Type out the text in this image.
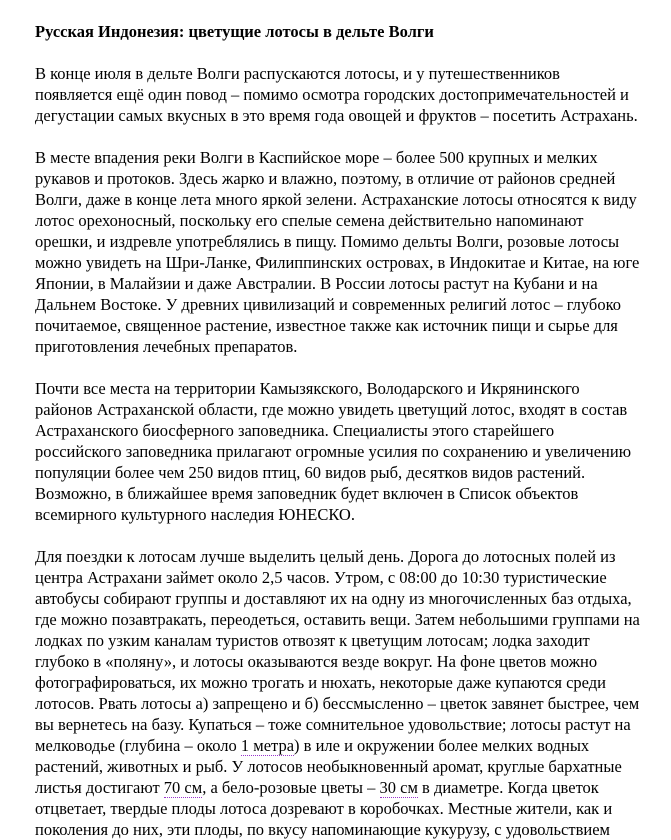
Русская Индонезия: цветущие лотосы в дельте Волги

В конце июля в дельте Волги распускаются лотосы, и у путешественников появляется ещё один повод – помимо осмотра городских достопримечательностей и дегустации самых вкусных в это время года овощей и фруктов – посетить Астрахань.

В месте впадения реки Волги в Каспийское море – более 500 крупных и мелких рукавов и протоков. Здесь жарко и влажно, поэтому, в отличие от районов средней Волги, даже в конце лета много яркой зелени. Астраханские лотосы относятся к виду лотос орехоносный, поскольку его спелые семена действительно напоминают орешки, и издревле употреблялись в пищу. Помимо дельты Волги, розовые лотосы можно увидеть на Шри-Ланке, Филиппинских островах, в Индокитае и Китае, на юге Японии, в Малайзии и даже Австралии. В России лотосы растут на Кубани и на Дальнем Востоке. У древних цивилизаций и современных религий лотос – глубоко почитаемое, священное растение, известное также как источник пищи и сырье для приготовления лечебных препаратов.

Почти все места на территории Камызякского, Володарского и Икрянинского районов Астраханской области, где можно увидеть цветущий лотос, входят в состав Астраханского биосферного заповедника. Специалисты этого старейшего российского заповедника прилагают огромные усилия по сохранению и увеличению популяции более чем 250 видов птиц, 60 видов рыб, десятков видов растений. Возможно, в ближайшее время заповедник будет включен в Список объектов всемирного культурного наследия ЮНЕСКО.

Для поездки к лотосам лучше выделить целый день. Дорога до лотосных полей из центра Астрахани займет около 2,5 часов. Утром, с 08:00 до 10:30 туристические автобусы собирают группы и доставляют их на одну из многочисленных баз отдыха, где можно позавтракать, переодеться, оставить вещи. Затем небольшими группами на лодках по узким каналам туристов отвозят к цветущим лотосам; лодка заходит глубоко в «поляну», и лотосы оказываются везде вокруг. На фоне цветов можно фотографироваться, их можно трогать и нюхать, некоторые даже купаются среди лотосов. Рвать лотосы а) запрещено и б) бессмысленно – цветок завянет быстрее, чем вы вернетесь на базу. Купаться – тоже сомнительное удовольствие; лотосы растут на мелководье (глубина – около 1 метра) в иле и окружении более мелких водных растений, животных и рыб. У лотосов необыкновенный аромат, круглые бархатные листья достигают 70 см, а бело-розовые цветы – 30 см в диаметре. Когда цветок отцветает, твердые плоды лотоса дозревают в коробочках. Местные жители, как и поколения до них, эти плоды, по вкусу напоминающие кукурузу, с удовольствием
